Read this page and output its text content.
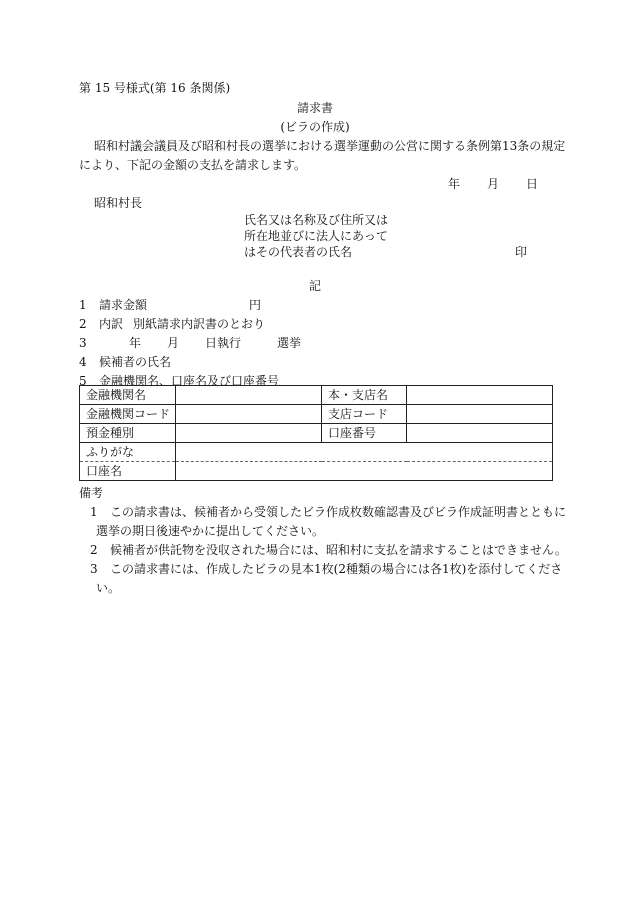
第 15 号様式(第 16 条関係)
請求書
(ビラの作成)
昭和村議会議員及び昭和村長の選挙における選挙運動の公営に関する条例第13条の規定
により、下記の金額の支払を請求します。
年 月 日
昭和村長
氏名又は名称及び住所又は
所在地並びに法人にあって
はその代表者の氏名	印
記
1 請求金額	円
2 内訳 別紙請求内訳書のとおり
3	年 月 日執行	選挙
4 候補者の氏名
5 金融機関名、口座名及び口座番号
金融機関名		本・支店名	
金融機関コード		支店コード	
預金種別		口座番号	
ふりがな			
口座名			
備考
1 この請求書は、候補者から受領したビラ作成枚数確認書及びビラ作成証明書とともに
選挙の期日後速やかに提出してください。
2 候補者が供託物を没収された場合には、昭和村に支払を請求することはできません。
3 この請求書には、作成したビラの見本1枚(2種類の場合には各1枚)を添付してくださ
い。
